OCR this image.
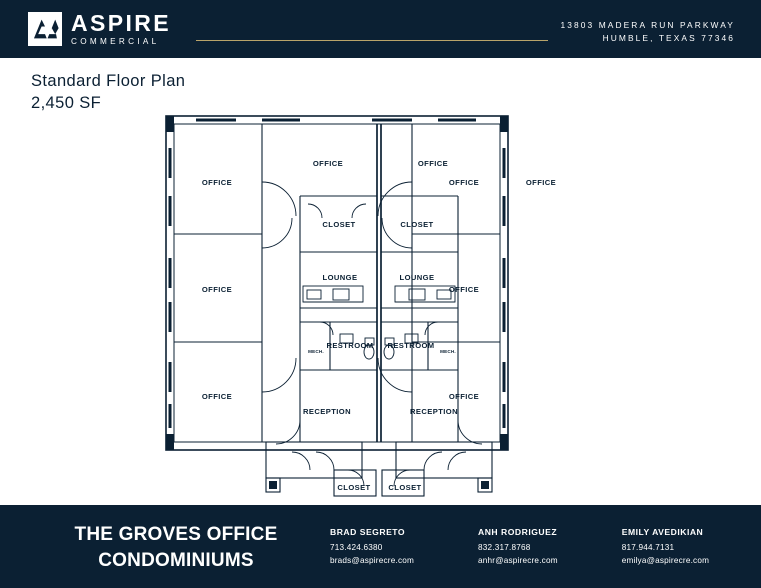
ASPIRE
COMMERCIAL
13803 MADERA RUN PARKWAY
HUMBLE, TEXAS 77346
Standard Floor Plan
2,450 SF
OFFICE
OFFICE
OFFICE
OFFICE
OFFICE	OFFICE
CLOSET	CLOSET
LOUNGE	LOUNGE
RESTROOM RESTROOM
MECH.	MECH.
RECEPTION	RECEPTION
CLOSET CLOSET
OFFICE
OFFICE
OFFICE
THE GROVES OFFICE
CONDOMINIUMS
BRAD SEGRETO
713.424.6380
brads@aspirecre.com
ANH RODRIGUEZ
832.317.8768
anhr@aspirecre.com
EMILY AVEDIKIAN
817.944.7131
emilya@aspirecre.com
